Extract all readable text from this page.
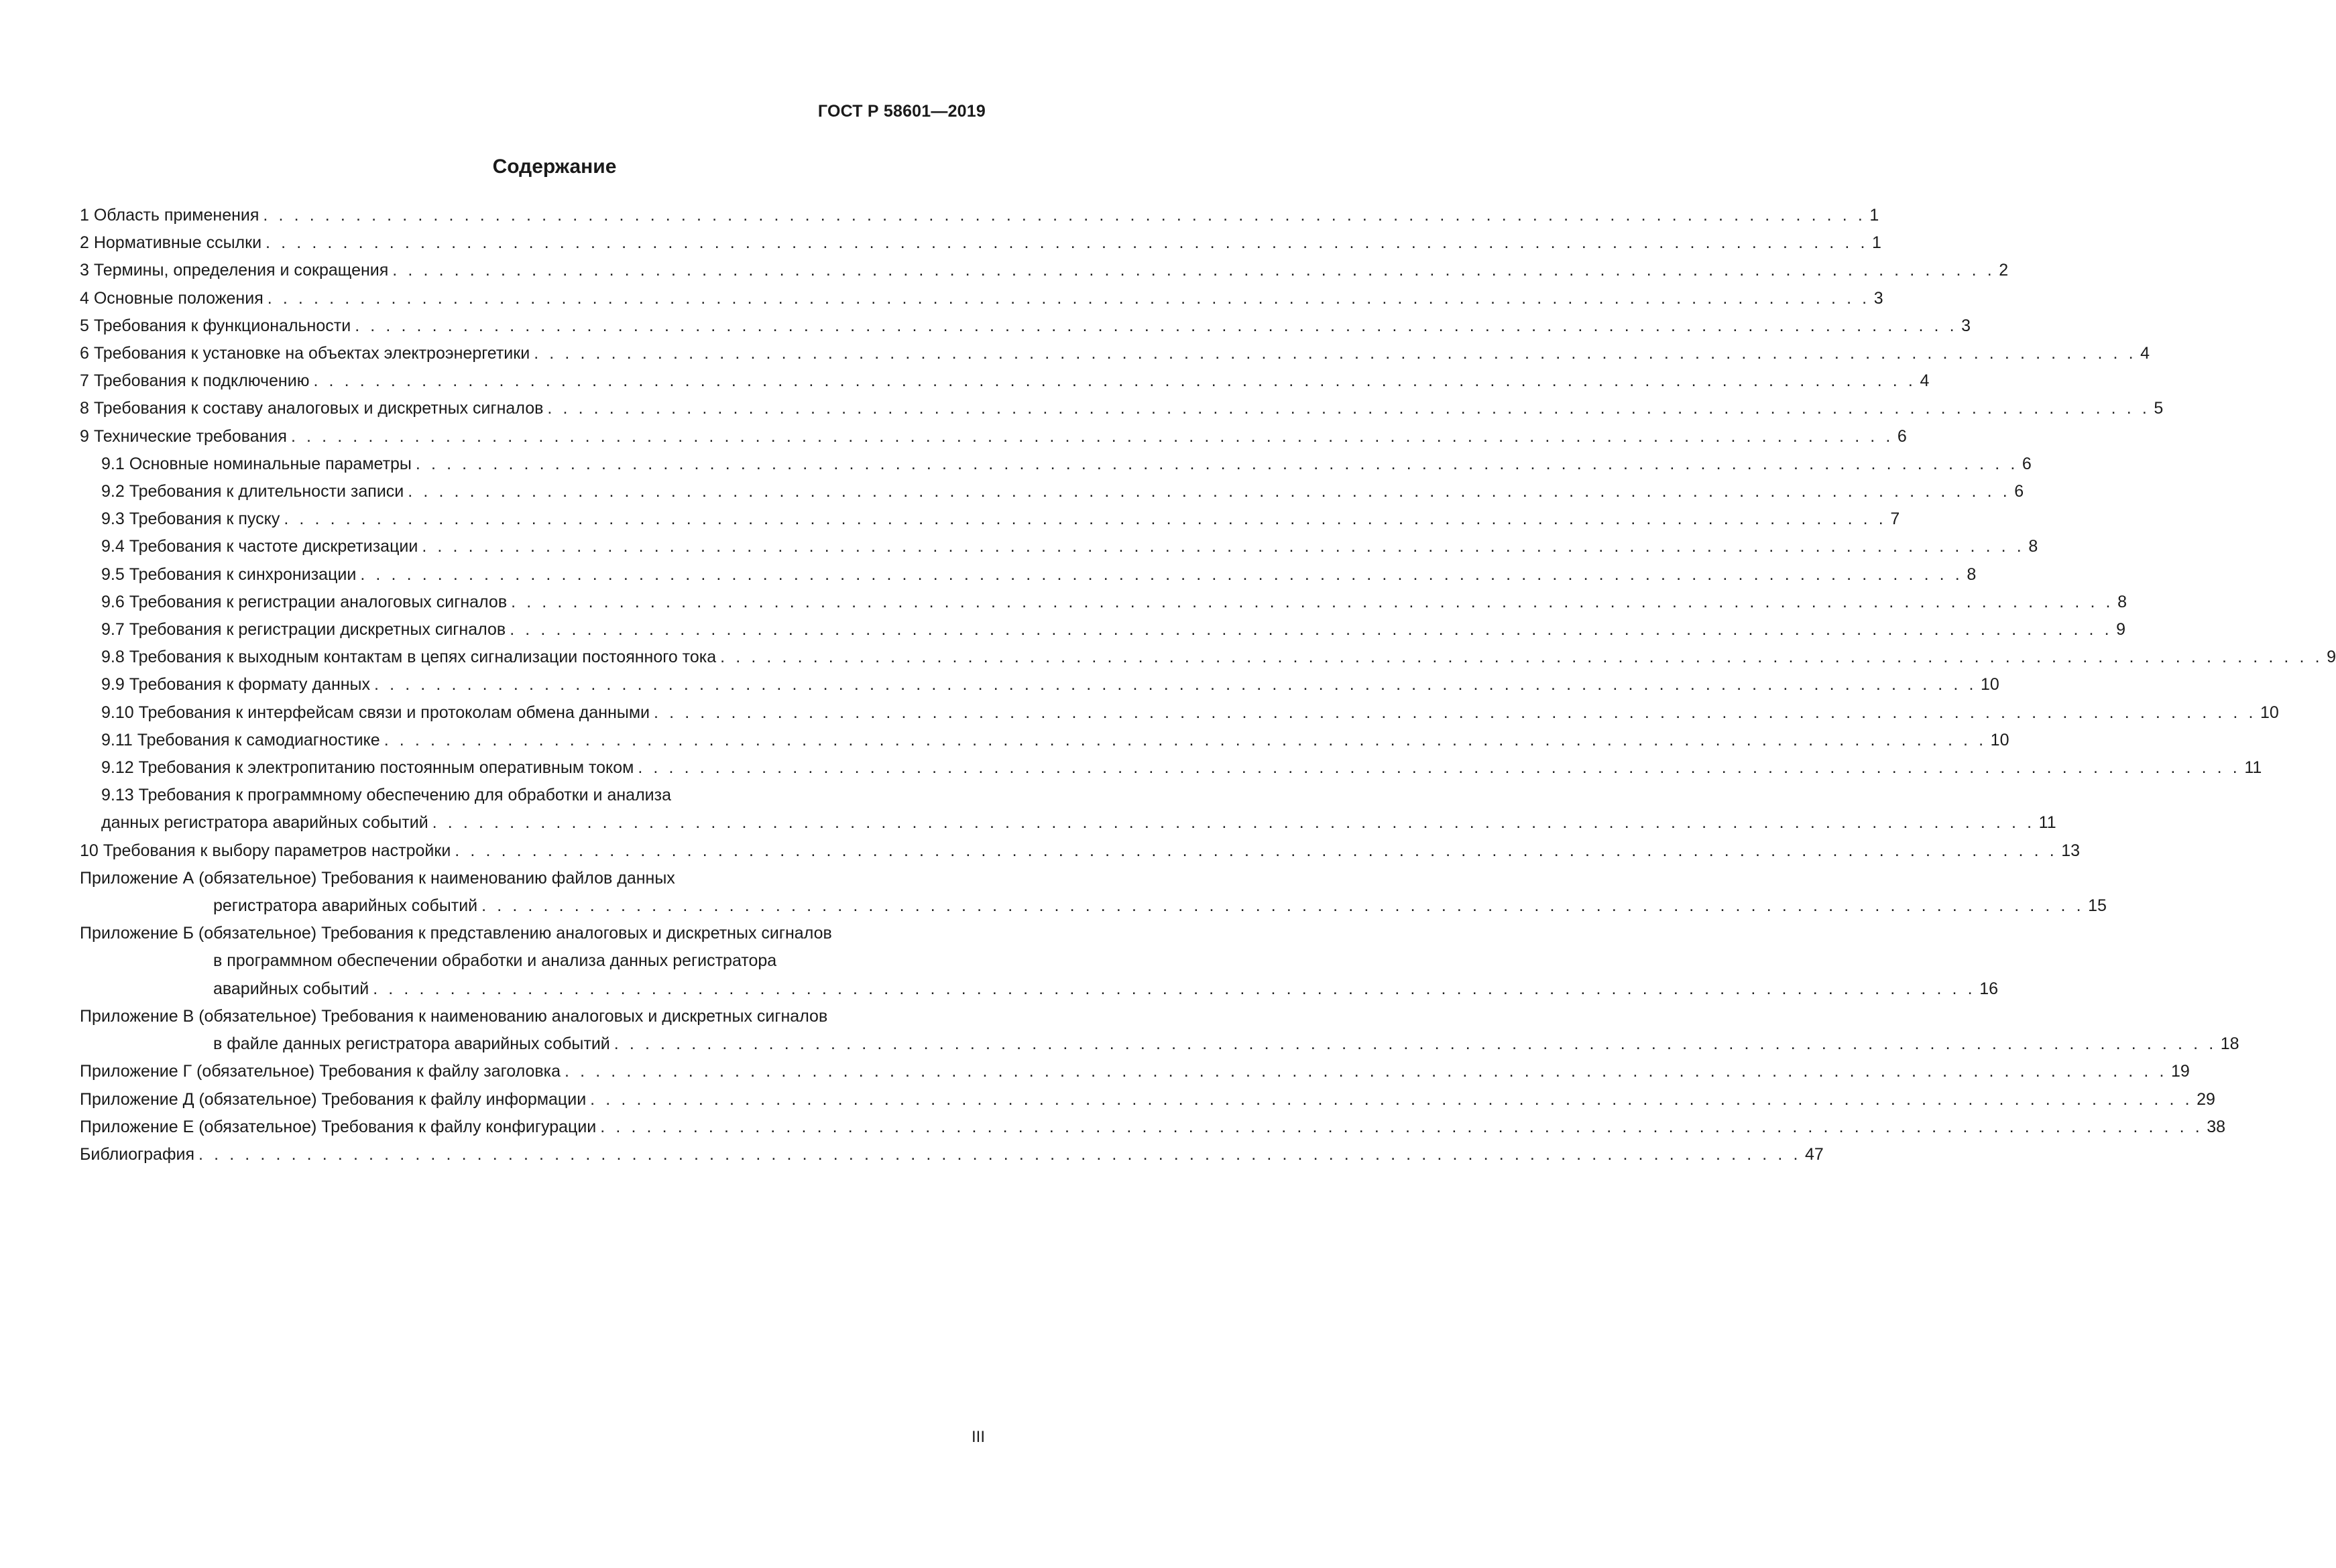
ГОСТ Р 58601—2019
Содержание
1 Область применения . . . . . . . . . . . . . . . . . . . . . . . . . . . . . . . . . . . . . . . . . . . . . . . . . . . . . . . . . . . . . . . . . . . . . . . . . . . . . . . . . . . . . . . . . . . . . . . . . . . . . . . . 1
2 Нормативные ссылки . . . . . . . . . . . . . . . . . . . . . . . . . . . . . . . . . . . . . . . . . . . . . . . . . . . . . . . . . . . . . . . . . . . . . . . . . . . . . . . . . . . . . . . . . . . . . . . . . . . . . . . . 1
3 Термины, определения и сокращения . . . . . . . . . . . . . . . . . . . . . . . . . . . . . . . . . . . . . . . . . . . . . . . . . . . . . . . . . . . . . . . . . . . . . . . . . . . . . . . . . . . . . . . . . . . . . . . . . . . . . . . . 2
4 Основные положения . . . . . . . . . . . . . . . . . . . . . . . . . . . . . . . . . . . . . . . . . . . . . . . . . . . . . . . . . . . . . . . . . . . . . . . . . . . . . . . . . . . . . . . . . . . . . . . . . . . . . . . . 3
5 Требования к функциональности . . . . . . . . . . . . . . . . . . . . . . . . . . . . . . . . . . . . . . . . . . . . . . . . . . . . . . . . . . . . . . . . . . . . . . . . . . . . . . . . . . . . . . . . . . . . . . . . . . . . . . . . 3
6 Требования к установке на объектах электроэнергетики . . . . . . . . . . . . . . . . . . . . . . . . . . . . . . . . . . . . . . . . . . . . . . . . . . . . . . . . . . . . . . . . . . . . . . . . . . . . . . . . . . . . . . . . . . . . . . . . . . . . . . . . 4
7 Требования к подключению . . . . . . . . . . . . . . . . . . . . . . . . . . . . . . . . . . . . . . . . . . . . . . . . . . . . . . . . . . . . . . . . . . . . . . . . . . . . . . . . . . . . . . . . . . . . . . . . . . . . . . . . 4
8 Требования к составу аналоговых и дискретных сигналов . . . . . . . . . . . . . . . . . . . . . . . . . . . . . . . . . . . . . . . . . . . . . . . . . . . . . . . . . . . . . . . . . . . . . . . . . . . . . . . . . . . . . . . . . . . . . . . . . . . . . . . . 5
9 Технические требования . . . . . . . . . . . . . . . . . . . . . . . . . . . . . . . . . . . . . . . . . . . . . . . . . . . . . . . . . . . . . . . . . . . . . . . . . . . . . . . . . . . . . . . . . . . . . . . . . . . . . . . . 6
9.1 Основные номинальные параметры . . . . . . . . . . . . . . . . . . . . . . . . . . . . . . . . . . . . . . . . . . . . . . . . . . . . . . . . . . . . . . . . . . . . . . . . . . . . . . . . . . . . . . . . . . . . . . . . . . . . . . . . 6
9.2 Требования к длительности записи . . . . . . . . . . . . . . . . . . . . . . . . . . . . . . . . . . . . . . . . . . . . . . . . . . . . . . . . . . . . . . . . . . . . . . . . . . . . . . . . . . . . . . . . . . . . . . . . . . . . . . . . 6
9.3 Требования к пуску . . . . . . . . . . . . . . . . . . . . . . . . . . . . . . . . . . . . . . . . . . . . . . . . . . . . . . . . . . . . . . . . . . . . . . . . . . . . . . . . . . . . . . . . . . . . . . . . . . . . . . . . 7
9.4 Требования к частоте дискретизации . . . . . . . . . . . . . . . . . . . . . . . . . . . . . . . . . . . . . . . . . . . . . . . . . . . . . . . . . . . . . . . . . . . . . . . . . . . . . . . . . . . . . . . . . . . . . . . . . . . . . . . . 8
9.5 Требования к синхронизации . . . . . . . . . . . . . . . . . . . . . . . . . . . . . . . . . . . . . . . . . . . . . . . . . . . . . . . . . . . . . . . . . . . . . . . . . . . . . . . . . . . . . . . . . . . . . . . . . . . . . . . . 8
9.6 Требования к регистрации аналоговых сигналов . . . . . . . . . . . . . . . . . . . . . . . . . . . . . . . . . . . . . . . . . . . . . . . . . . . . . . . . . . . . . . . . . . . . . . . . . . . . . . . . . . . . . . . . . . . . . . . . . . . . . . . . 8
9.7 Требования к регистрации дискретных сигналов . . . . . . . . . . . . . . . . . . . . . . . . . . . . . . . . . . . . . . . . . . . . . . . . . . . . . . . . . . . . . . . . . . . . . . . . . . . . . . . . . . . . . . . . . . . . . . . . . . . . . . . . 9
9.8 Требования к выходным контактам в цепях сигнализации постоянного тока . . . . . . . . . . . . . . . . . . . . . . . . . . . . . . . . . . . . . . . . . . . . . . . . . . . . . . . . . . . . . . . . . . . . . . . . . . . . . . . . . . . . . . . . . . . . . . . . . . . . . . . . 9
9.9 Требования к формату данных . . . . . . . . . . . . . . . . . . . . . . . . . . . . . . . . . . . . . . . . . . . . . . . . . . . . . . . . . . . . . . . . . . . . . . . . . . . . . . . . . . . . . . . . . . . . . . . . . . . . . . . . 10
9.10 Требования к интерфейсам связи и протоколам обмена данными . . . . . . . . . . . . . . . . . . . . . . . . . . . . . . . . . . . . . . . . . . . . . . . . . . . . . . . . . . . . . . . . . . . . . . . . . . . . . . . . . . . . . . . . . . . . . . . . . . . . . . . . 10
9.11 Требования к самодиагностике . . . . . . . . . . . . . . . . . . . . . . . . . . . . . . . . . . . . . . . . . . . . . . . . . . . . . . . . . . . . . . . . . . . . . . . . . . . . . . . . . . . . . . . . . . . . . . . . . . . . . . . . 10
9.12 Требования к электропитанию постоянным оперативным током . . . . . . . . . . . . . . . . . . . . . . . . . . . . . . . . . . . . . . . . . . . . . . . . . . . . . . . . . . . . . . . . . . . . . . . . . . . . . . . . . . . . . . . . . . . . . . . . . . . . . . . . 11
9.13 Требования к программному обеспечению для обработки и анализа
данных регистратора аварийных событий . . . . . . . . . . . . . . . . . . . . . . . . . . . . . . . . . . . . . . . . . . . . . . . . . . . . . . . . . . . . . . . . . . . . . . . . . . . . . . . . . . . . . . . . . . . . . . . . . . . . . . . . 11
10 Требования к выбору параметров настройки . . . . . . . . . . . . . . . . . . . . . . . . . . . . . . . . . . . . . . . . . . . . . . . . . . . . . . . . . . . . . . . . . . . . . . . . . . . . . . . . . . . . . . . . . . . . . . . . . . . . . . . . 13
Приложение А (обязательное) Требования к наименованию файлов данных
регистратора аварийных событий . . . . . . . . . . . . . . . . . . . . . . . . . . . . . . . . . . . . . . . . . . . . . . . . . . . . . . . . . . . . . . . . . . . . . . . . . . . . . . . . . . . . . . . . . . . . . . . . . . . . . . . . 15
Приложение Б (обязательное) Требования к представлению аналоговых и дискретных сигналов
в программном обеспечении обработки и анализа данных регистратора
аварийных событий . . . . . . . . . . . . . . . . . . . . . . . . . . . . . . . . . . . . . . . . . . . . . . . . . . . . . . . . . . . . . . . . . . . . . . . . . . . . . . . . . . . . . . . . . . . . . . . . . . . . . . . . 16
Приложение В (обязательное) Требования к наименованию аналоговых и дискретных сигналов
в файле данных регистратора аварийных событий . . . . . . . . . . . . . . . . . . . . . . . . . . . . . . . . . . . . . . . . . . . . . . . . . . . . . . . . . . . . . . . . . . . . . . . . . . . . . . . . . . . . . . . . . . . . . . . . . . . . . . . . 18
Приложение Г (обязательное) Требования к файлу заголовка . . . . . . . . . . . . . . . . . . . . . . . . . . . . . . . . . . . . . . . . . . . . . . . . . . . . . . . . . . . . . . . . . . . . . . . . . . . . . . . . . . . . . . . . . . . . . . . . . . . . . . . . 19
Приложение Д (обязательное) Требования к файлу информации . . . . . . . . . . . . . . . . . . . . . . . . . . . . . . . . . . . . . . . . . . . . . . . . . . . . . . . . . . . . . . . . . . . . . . . . . . . . . . . . . . . . . . . . . . . . . . . . . . . . . . . . 29
Приложение Е (обязательное) Требования к файлу конфигурации . . . . . . . . . . . . . . . . . . . . . . . . . . . . . . . . . . . . . . . . . . . . . . . . . . . . . . . . . . . . . . . . . . . . . . . . . . . . . . . . . . . . . . . . . . . . . . . . . . . . . . . . 38
Библиография . . . . . . . . . . . . . . . . . . . . . . . . . . . . . . . . . . . . . . . . . . . . . . . . . . . . . . . . . . . . . . . . . . . . . . . . . . . . . . . . . . . . . . . . . . . . . . . . . . . . . . . . 47
III
